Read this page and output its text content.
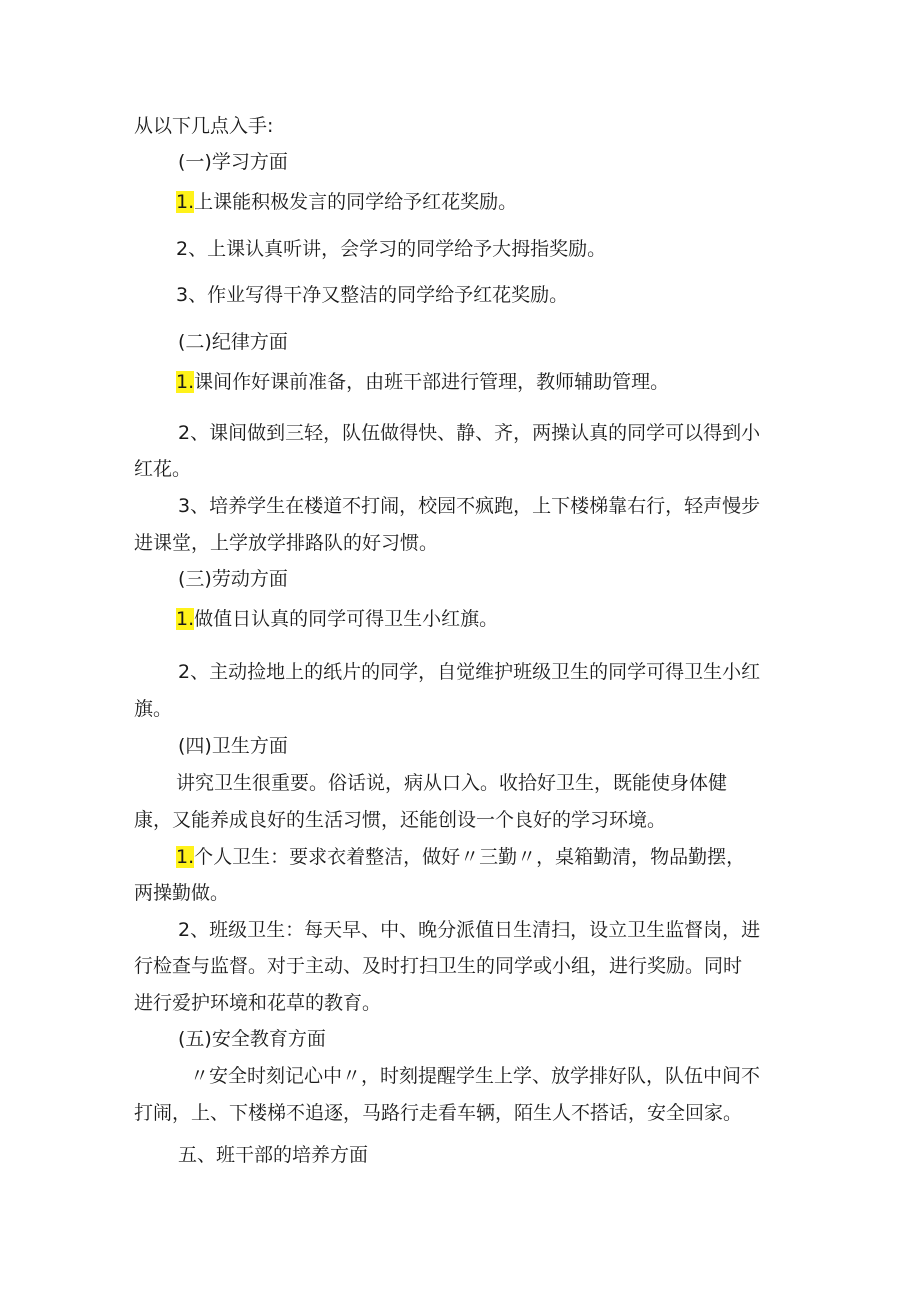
从以下几点入手:
(一)学习方面
1.上课能积极发言的同学给予红花奖励。
2、上课认真听讲，会学习的同学给予大拇指奖励。
3、作业写得干净又整洁的同学给予红花奖励。
(二)纪律方面
1.课间作好课前准备，由班干部进行管理，教师辅助管理。
2、课间做到三轻，队伍做得快、静、齐，两操认真的同学可以得到小
红花。
3、培养学生在楼道不打闹，校园不疯跑，上下楼梯靠右行，轻声慢步
进课堂，上学放学排路队的好习惯。
(三)劳动方面
1.做值日认真的同学可得卫生小红旗。
2、主动捡地上的纸片的同学，自觉维护班级卫生的同学可得卫生小红
旗。
(四)卫生方面
讲究卫生很重要。俗话说，病从口入。收拾好卫生，既能使身体健
康，又能养成良好的生活习惯，还能创设一个良好的学习环境。
1.个人卫生：要求衣着整洁，做好〃三勤〃，桌箱勤清，物品勤摆，
两操勤做。
2、班级卫生：每天早、中、晚分派值日生清扫，设立卫生监督岗，进
行检查与监督。对于主动、及时打扫卫生的同学或小组，进行奖励。同时
进行爱护环境和花草的教育。
(五)安全教育方面
〃安全时刻记心中〃，时刻提醒学生上学、放学排好队，队伍中间不
打闹，上、下楼梯不追逐，马路行走看车辆，陌生人不搭话，安全回家。
五、班干部的培养方面
